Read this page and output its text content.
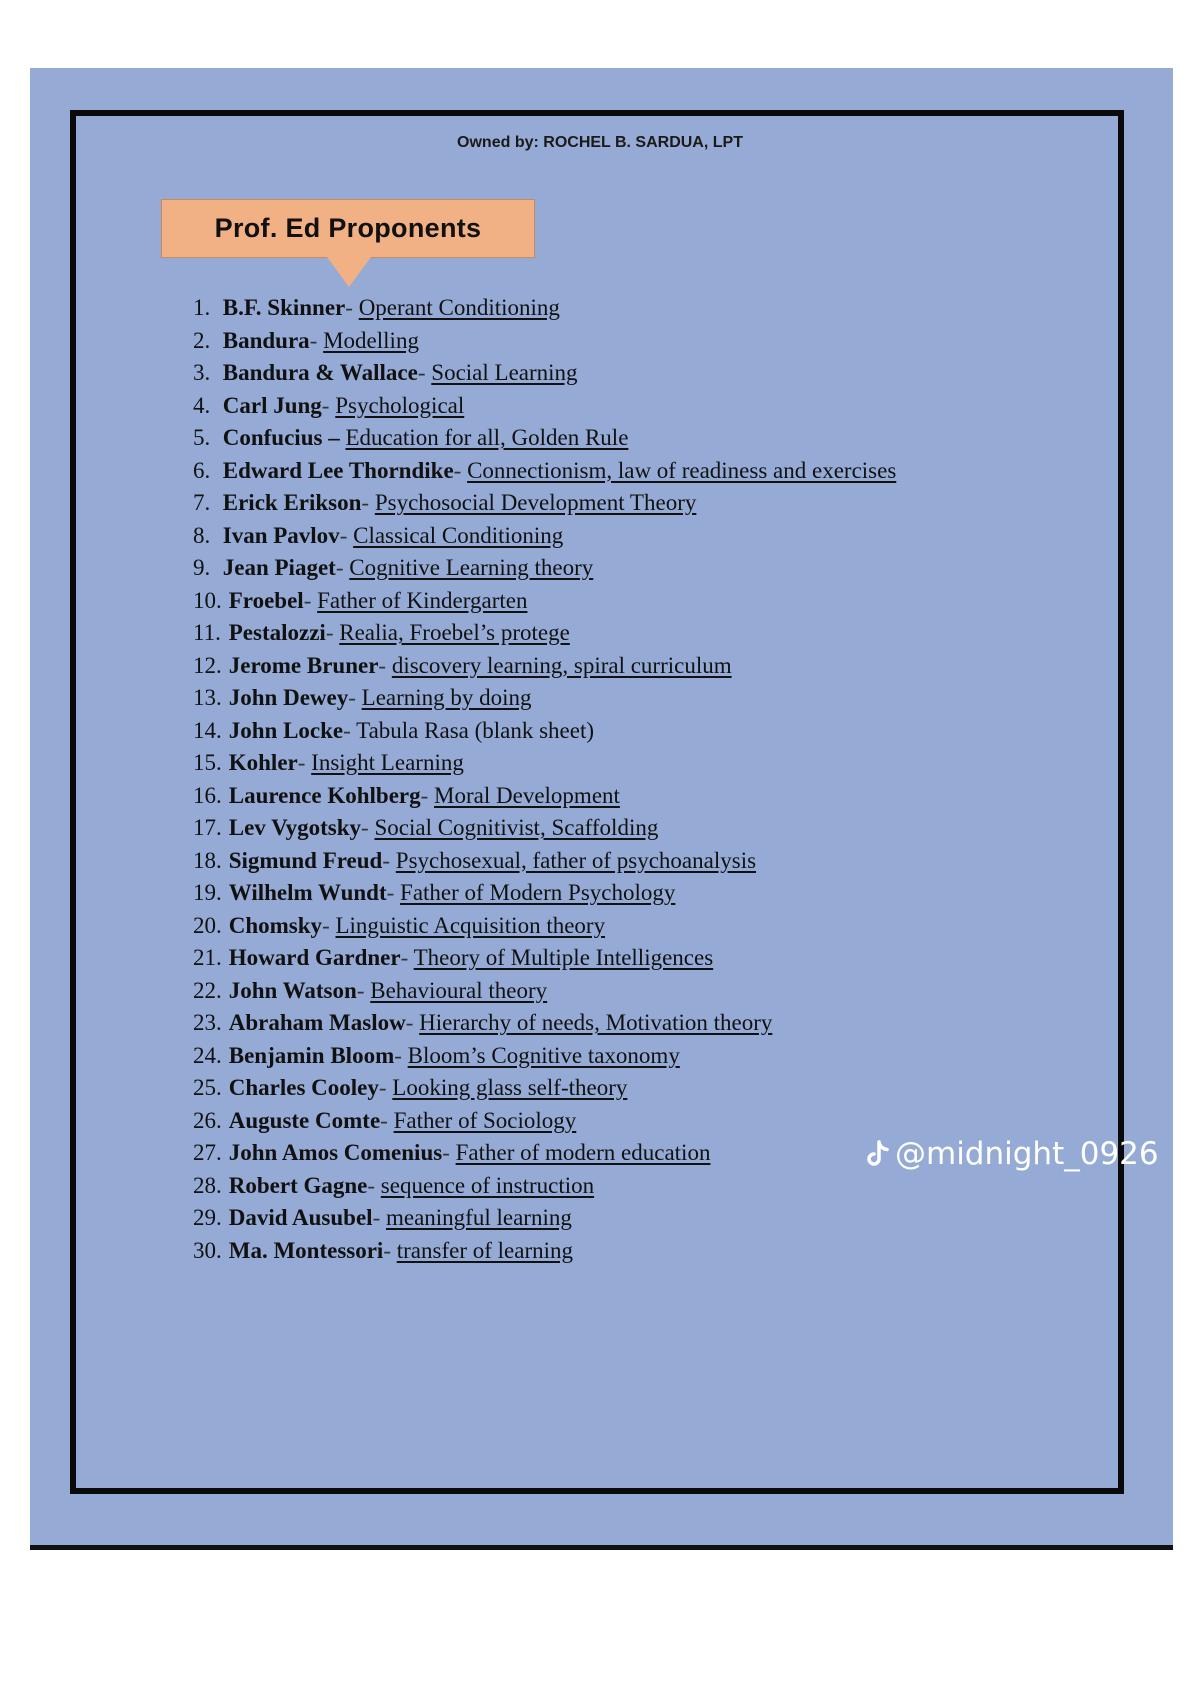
Owned by: ROCHEL B. SARDUA, LPT
Prof. Ed Proponents
1. B.F. Skinner- Operant Conditioning
2. Bandura- Modelling
3. Bandura & Wallace- Social Learning
4. Carl Jung- Psychological
5. Confucius – Education for all, Golden Rule
6. Edward Lee Thorndike- Connectionism, law of readiness and exercises
7. Erick Erikson- Psychosocial Development Theory
8. Ivan Pavlov- Classical Conditioning
9. Jean Piaget- Cognitive Learning theory
10. Froebel- Father of Kindergarten
11. Pestalozzi- Realia, Froebel’s protege
12. Jerome Bruner- discovery learning, spiral curriculum
13. John Dewey- Learning by doing
14. John Locke- Tabula Rasa (blank sheet)
15. Kohler- Insight Learning
16. Laurence Kohlberg- Moral Development
17. Lev Vygotsky- Social Cognitivist, Scaffolding
18. Sigmund Freud- Psychosexual, father of psychoanalysis
19. Wilhelm Wundt- Father of Modern Psychology
20. Chomsky- Linguistic Acquisition theory
21. Howard Gardner- Theory of Multiple Intelligences
22. John Watson- Behavioural theory
23. Abraham Maslow- Hierarchy of needs, Motivation theory
24. Benjamin Bloom- Bloom’s Cognitive taxonomy
25. Charles Cooley- Looking glass self-theory
26. Auguste Comte- Father of Sociology
27. John Amos Comenius- Father of modern education
28. Robert Gagne- sequence of instruction
29. David Ausubel- meaningful learning
30. Ma. Montessori- transfer of learning
@midnight_0926
